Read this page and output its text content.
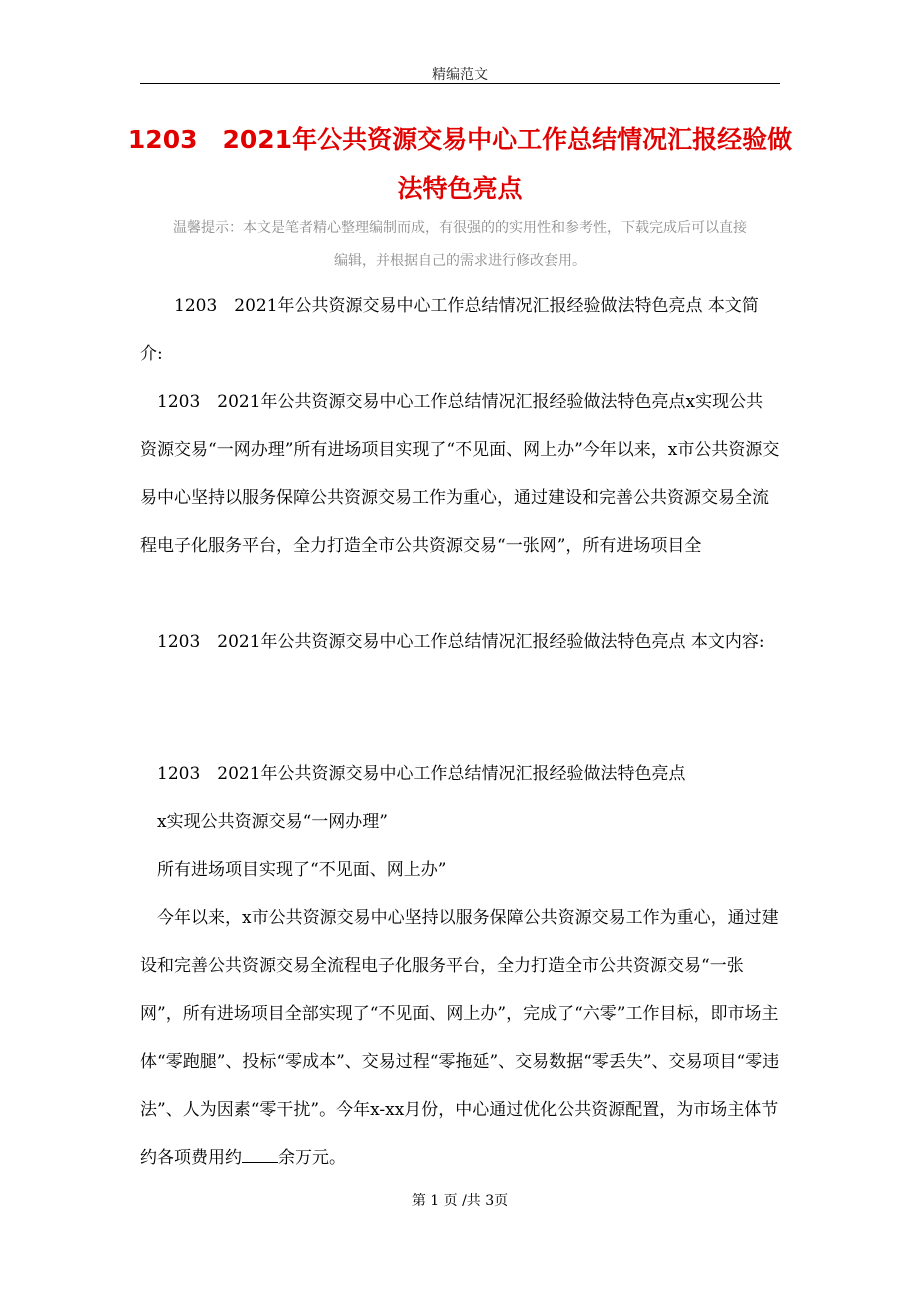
精编范文
1203　2021年公共资源交易中心工作总结情况汇报经验做
法特色亮点
温馨提示：本文是笔者精心整理编制而成，有很强的的实用性和参考性，下载完成后可以直接
编辑，并根据自己的需求进行修改套用。

1203　2021年公共资源交易中心工作总结情况汇报经验做法特色亮点 本文简介:

1203　2021年公共资源交易中心工作总结情况汇报经验做法特色亮点x实现公共资源交易“一网办理”所有进场项目实现了“不见面、网上办”今年以来，x市公共资源交易中心坚持以服务保障公共资源交易工作为重心，通过建设和完善公共资源交易全流程电子化服务平台，全力打造全市公共资源交易“一张网”，所有进场项目全

1203　2021年公共资源交易中心工作总结情况汇报经验做法特色亮点 本文内容:

1203　2021年公共资源交易中心工作总结情况汇报经验做法特色亮点

x实现公共资源交易“一网办理”

所有进场项目实现了“不见面、网上办”

今年以来，x市公共资源交易中心坚持以服务保障公共资源交易工作为重心，通过建设和完善公共资源交易全流程电子化服务平台，全力打造全市公共资源交易“一张网”，所有进场项目全部实现了“不见面、网上办”，完成了“六零”工作目标，即市场主体“零跑腿”、投标“零成本”、交易过程“零拖延”、交易数据“零丢失”、交易项目“零违法”、人为因素“零干扰”。今年x-xx月份，中心通过优化公共资源配置，为市场主体节约各项费用约 余万元。

第 1 页 /共 3页
